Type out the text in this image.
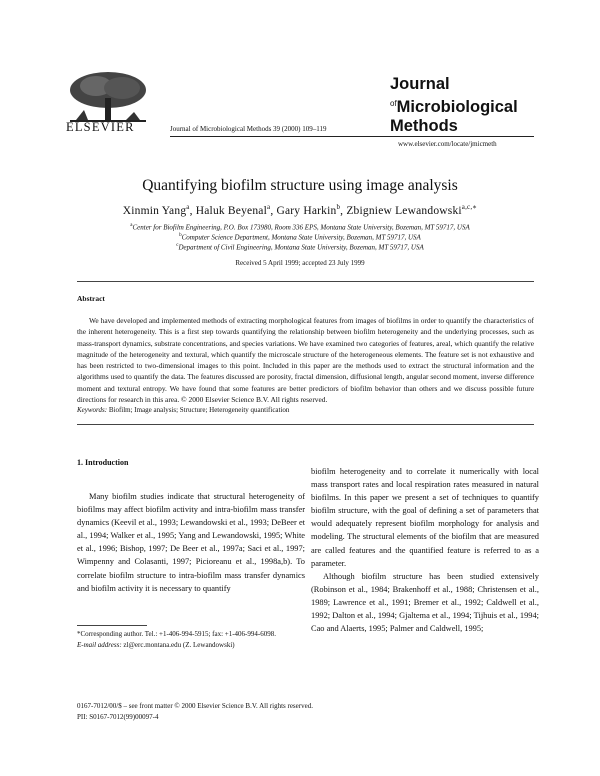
ELSEVIER	Journal of Microbiological Methods 39 (2000) 109–119
Journal
$^{of}$Microbiological
Methods
www.elsevier.com/locate/jmicmeth
Quantifying biofilm structure using image analysis
Xinmin Yang$^a$, Haluk Beyenal$^a$, Gary Harkin$^b$, Zbigniew Lewandowski$^{a,c,∗}$
$^a$Center for Biofilm Engineering, P.O. Box 173980, Room 336 EPS, Montana State University, Bozeman, MT 59717, USA
$^b$Computer Science Department, Montana State University, Bozeman, MT 59717, USA
$^c$Department of Civil Engineering, Montana State University, Bozeman, MT 59717, USA
Received 5 April 1999; accepted 23 July 1999
Abstract
We have developed and implemented methods of extracting morphological features from images of biofilms in order to quantify the characteristics of the inherent heterogeneity. This is a first step towards quantifying the relationship between biofilm heterogeneity and the underlying processes, such as mass-transport dynamics, substrate concentrations, and species variations. We have examined two categories of features, areal, which quantify the relative magnitude of the heterogeneity and textural, which quantify the microscale structure of the heterogeneous elements. The feature set is not exhaustive and has been restricted to two-dimensional images to this point. Included in this paper are the methods used to extract the structural information and the algorithms used to quantify the data. The features discussed are porosity, fractal dimension, diffusional length, angular second moment, inverse difference moment and textural entropy. We have found that some features are better predictors of biofilm behavior than others and we discuss possible future directions for research in this area. © 2000 Elsevier Science B.V. All rights reserved.
Keywords: Biofilm; Image analysis; Structure; Heterogeneity quantification
1. Introduction
Many biofilm studies indicate that structural heterogeneity of biofilms may affect biofilm activity and intra-biofilm mass transfer dynamics (Keevil et al., 1993; Lewandowski et al., 1993; DeBeer et al., 1994; Walker et al., 1995; Yang and Lewandowski, 1995; White et al., 1996; Bishop, 1997; De Beer et al., 1997a; Saci et al., 1997; Wimpenny and Colasanti, 1997; Picioreanu et al., 1998a,b). To correlate biofilm structure to intra-biofilm mass transfer dynamics and biofilm activity it is necessary to quantify

biofilm heterogeneity and to correlate it numerically with local mass transport rates and local respiration rates measured in natural biofilms. In this paper we present a set of techniques to quantify biofilm structure, with the goal of defining a set of parameters that would adequately represent biofilm morphology for analysis and modeling. The structural elements of the biofilm that are measured are called features and the quantified feature is referred to as a parameter.

Although biofilm structure has been studied extensively (Robinson et al., 1984; Brakenhoff et al., 1988; Christensen et al., 1989; Lawrence et al., 1991; Bremer et al., 1992; Caldwell et al., 1992; Dalton et al., 1994; Gjaltema et al., 1994; Tijhuis et al., 1994; Cao and Alaerts, 1995; Palmer and Caldwell, 1995;

*Corresponding author. Tel.: +1-406-994-5915; fax: +1-406-994-6098.
E-mail address: zl@erc.montana.edu (Z. Lewandowski)
0167-7012/00/$ – see front matter © 2000 Elsevier Science B.V. All rights reserved.
PII: S0167-7012(99)00097-4
